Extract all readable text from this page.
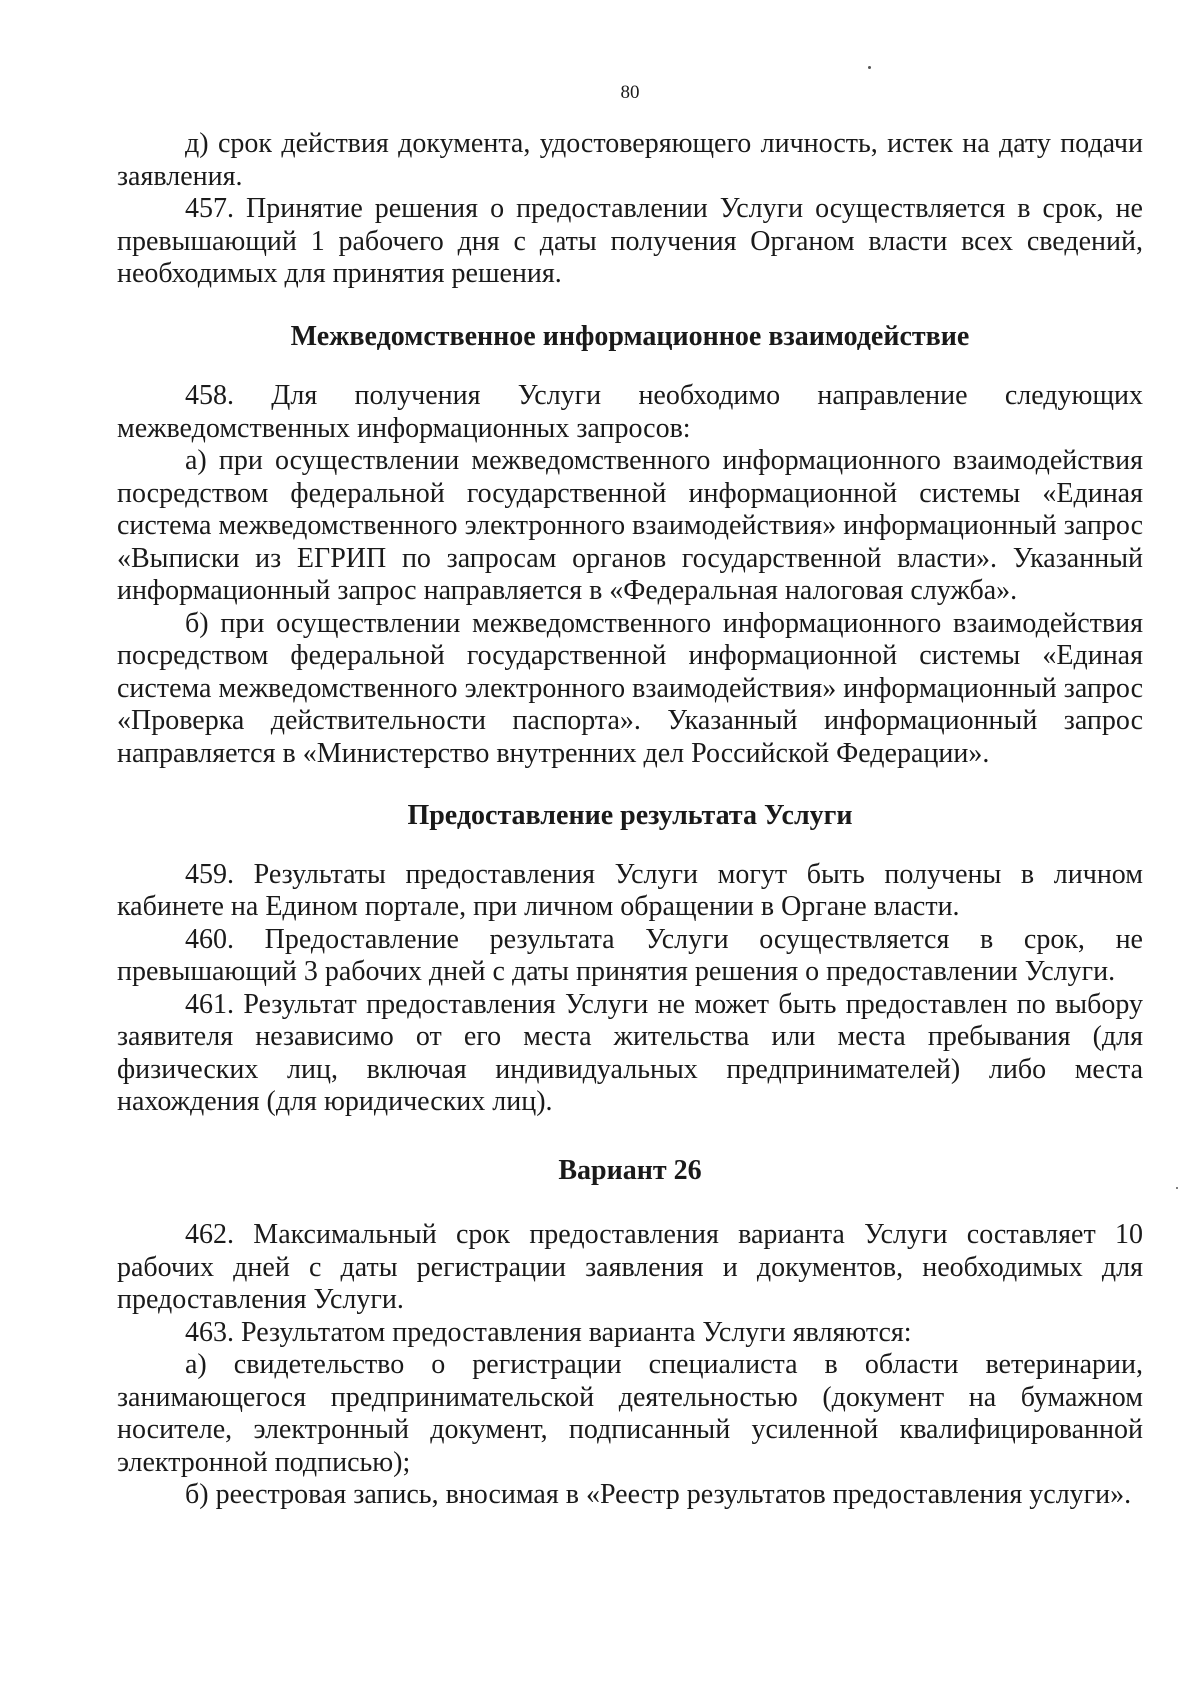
80

д) срок действия документа, удостоверяющего личность, истек на дату подачи заявления.

457. Принятие решения о предоставлении Услуги осуществляется в срок, не превышающий 1 рабочего дня с даты получения Органом власти всех сведений, необходимых для принятия решения.

Межведомственное информационное взаимодействие

458. Для получения Услуги необходимо направление следующих межведомственных информационных запросов:

а) при осуществлении межведомственного информационного взаимодействия посредством федеральной государственной информационной системы «Единая система межведомственного электронного взаимодействия» информационный запрос «Выписки из ЕГРИП по запросам органов государственной власти». Указанный информационный запрос направляется в «Федеральная налоговая служба».

б) при осуществлении межведомственного информационного взаимодействия посредством федеральной государственной информационной системы «Единая система межведомственного электронного взаимодействия» информационный запрос «Проверка действительности паспорта». Указанный информационный запрос направляется в «Министерство внутренних дел Российской Федерации».

Предоставление результата Услуги

459. Результаты предоставления Услуги могут быть получены в личном кабинете на Едином портале, при личном обращении в Органе власти.

460. Предоставление результата Услуги осуществляется в срок, не превышающий 3 рабочих дней с даты принятия решения о предоставлении Услуги.

461. Результат предоставления Услуги не может быть предоставлен по выбору заявителя независимо от его места жительства или места пребывания (для физических лиц, включая индивидуальных предпринимателей) либо места нахождения (для юридических лиц).

Вариант 26

462. Максимальный срок предоставления варианта Услуги составляет 10 рабочих дней с даты регистрации заявления и документов, необходимых для предоставления Услуги.

463. Результатом предоставления варианта Услуги являются:

а) свидетельство о регистрации специалиста в области ветеринарии, занимающегося предпринимательской деятельностью (документ на бумажном носителе, электронный документ, подписанный усиленной квалифицированной электронной подписью);

б) реестровая запись, вносимая в «Реестр результатов предоставления услуги».
